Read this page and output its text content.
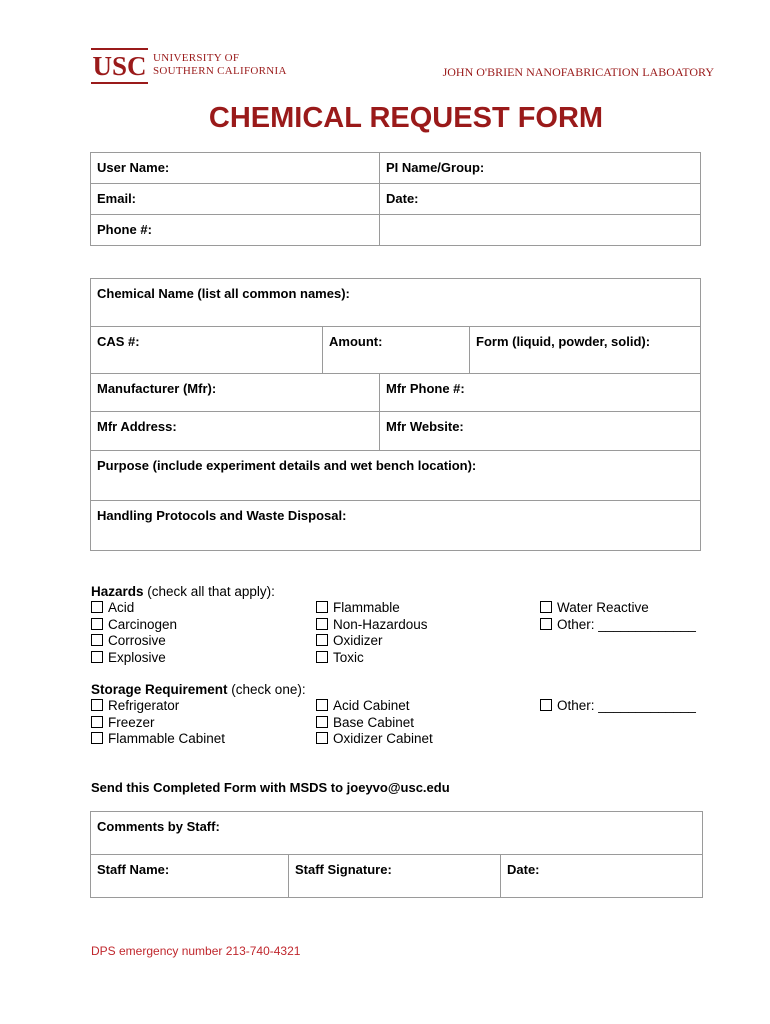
USC UNIVERSITY OF
SOUTHERN CALIFORNIA	JOHN O'BRIEN NANOFABRICATION LABOATORY
CHEMICAL REQUEST FORM
User Name:	PI Name/Group:
Email:	Date:
Phone #:	
Chemical Name (list all common names):			
CAS #:	Amount:		Form (liquid, powder, solid):
Manufacturer (Mfr):		Mfr Phone #:	
Mfr Address:		Mfr Website:	
Purpose (include experiment details and wet bench location):			
Handling Protocols and Waste Disposal:			
Hazards (check all that apply):
Acid
Carcinogen
Corrosive
Explosive
Flammable
Non-Hazardous
Oxidizer
Toxic
Water Reactive
Other: _____________
Storage Requirement (check one):
Refrigerator
Freezer
Flammable Cabinet
Acid Cabinet
Base Cabinet
Oxidizer Cabinet
Other: _____________
Send this Completed Form with MSDS to joeyvo@usc.edu
Comments by Staff:
Staff Name:	Staff Signature:	Date:
DPS emergency number 213-740-4321
